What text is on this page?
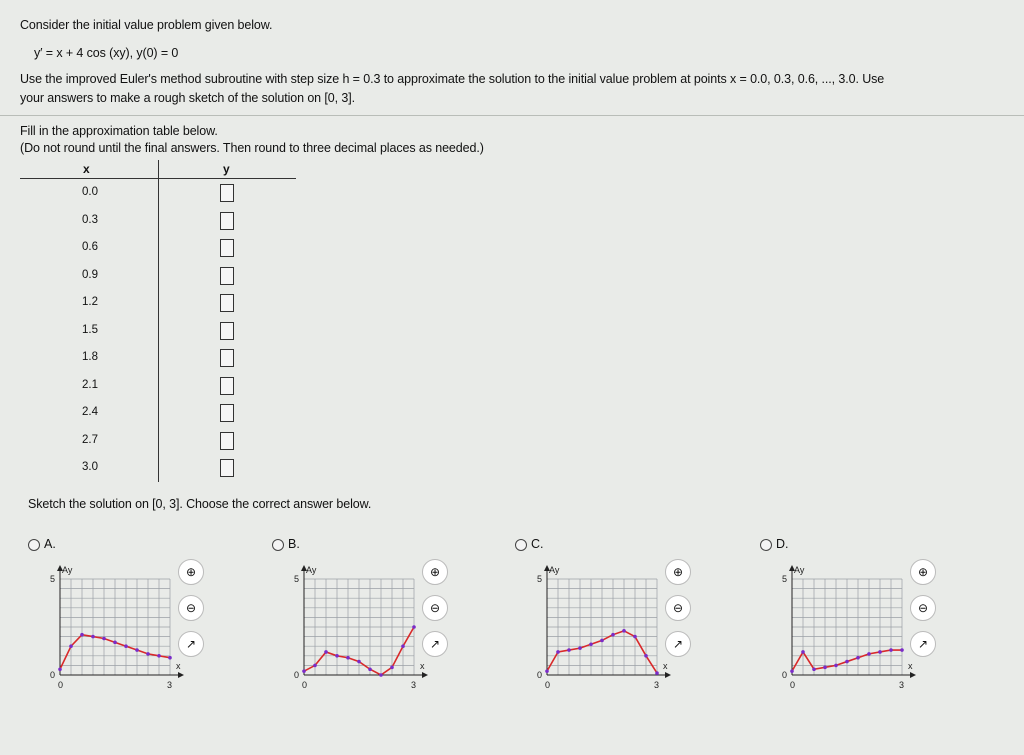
Consider the initial value problem given below.
y′ = x + 4 cos (xy), y(0) = 0
Use the improved Euler's method subroutine with step size h = 0.3 to approximate the solution to the initial value problem at points x = 0.0, 0.3, 0.6, ..., 3.0. Use
your answers to make a rough sketch of the solution on [0, 3].
Fill in the approximation table below.
(Do not round until the final answers. Then round to three decimal places as needed.)
x	y
0.0
0.3
0.6
0.9
1.2
1.5
1.8
2.1
2.4
2.7
3.0
Sketch the solution on [0, 3]. Choose the correct answer below.
A.
Ay
5
0
0	3
x
⊕
⊖
↗
B.
Ay
5
0
0	3
x
⊕
⊖
↗
C.
Ay
5
0
0	3
x
⊕
⊖
↗
D.
Ay
5
0
0	3
x
⊕
⊖
↗
